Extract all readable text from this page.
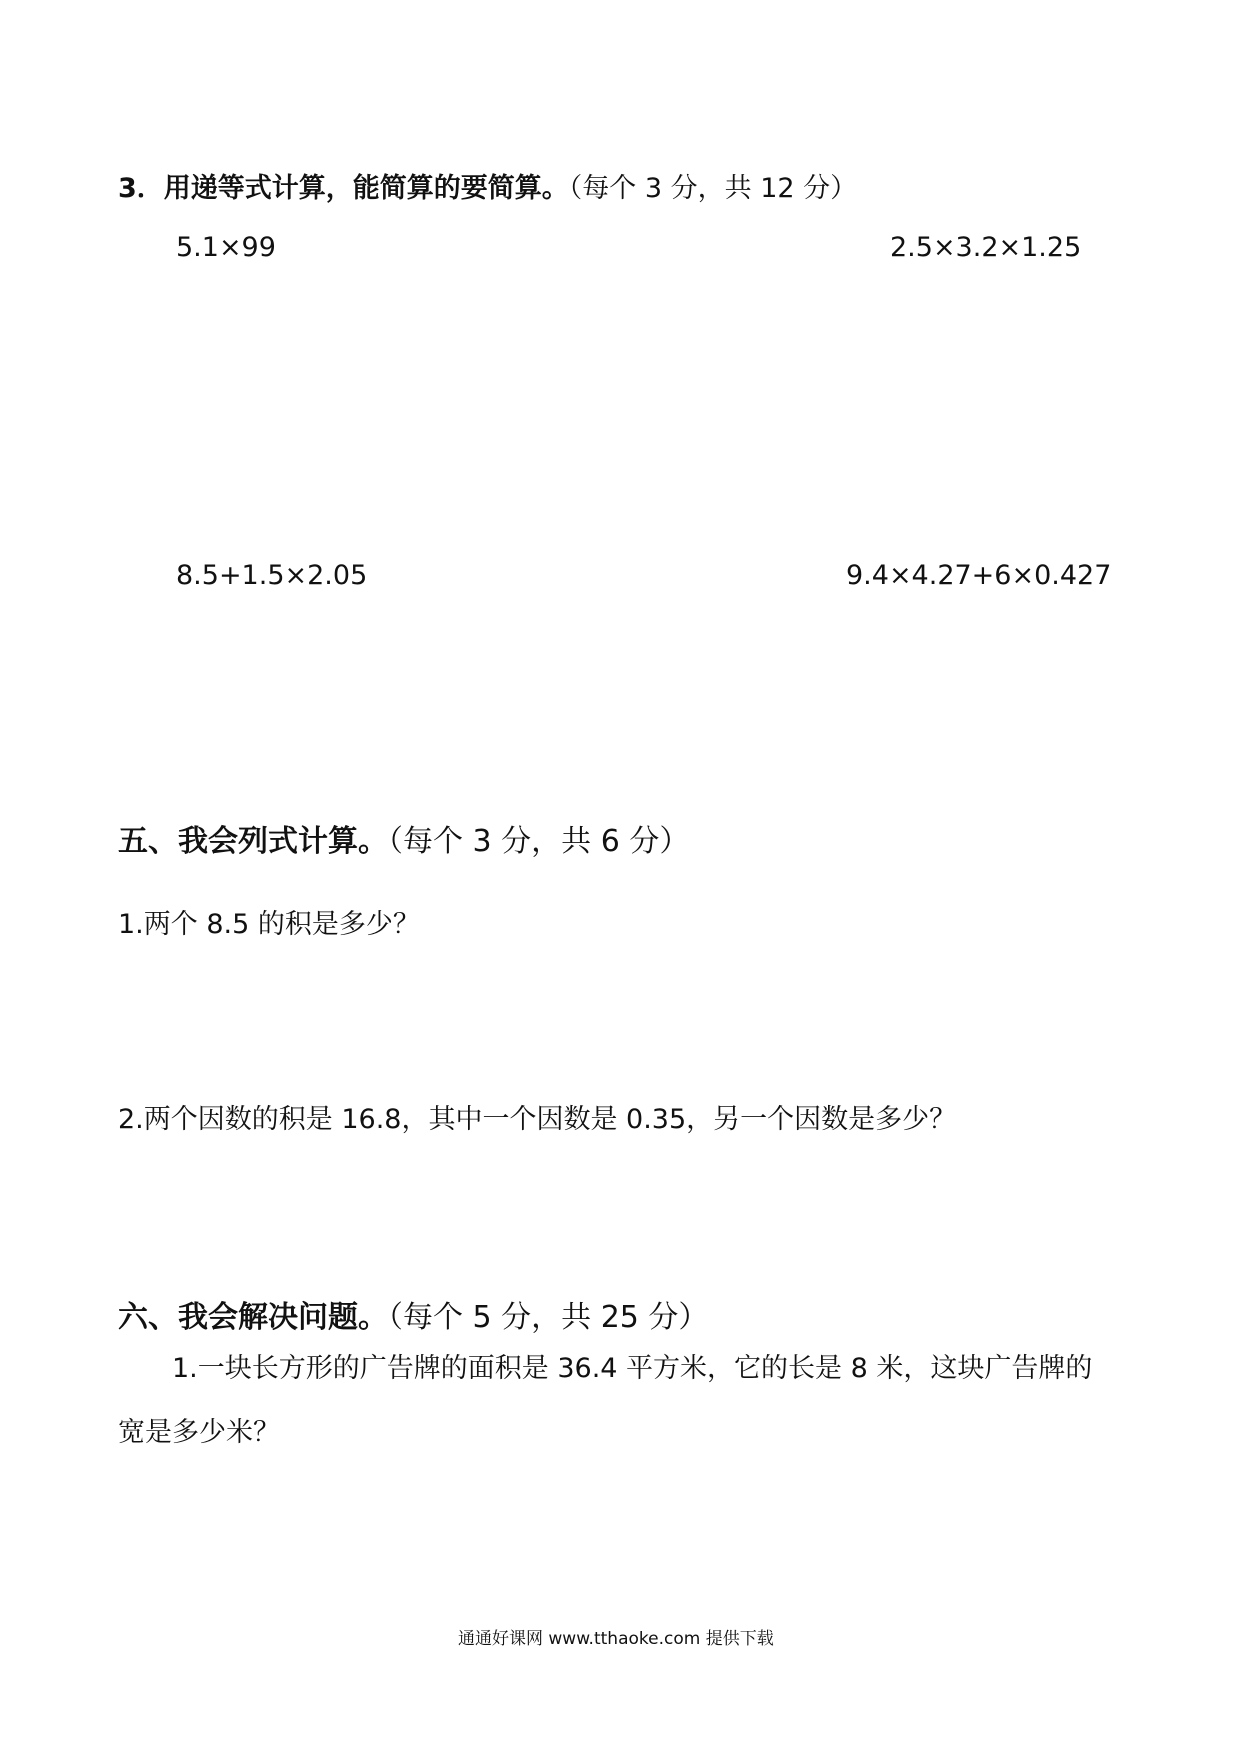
3．用递等式计算，能简算的要简算。（每个 3 分，共 12 分）
5.1×99	2.5×3.2×1.25
8.5+1.5×2.05	9.4×4.27+6×0.427
五、我会列式计算。（每个 3 分，共 6 分）
1.两个 8.5 的积是多少？
2.两个因数的积是 16.8，其中一个因数是 0.35，另一个因数是多少？
六、我会解决问题。（每个 5 分，共 25 分）
1.一块长方形的广告牌的面积是 36.4 平方米，它的长是 8 米，这块广告牌的
宽是多少米？
通通好课网 www.tthaoke.com 提供下载
